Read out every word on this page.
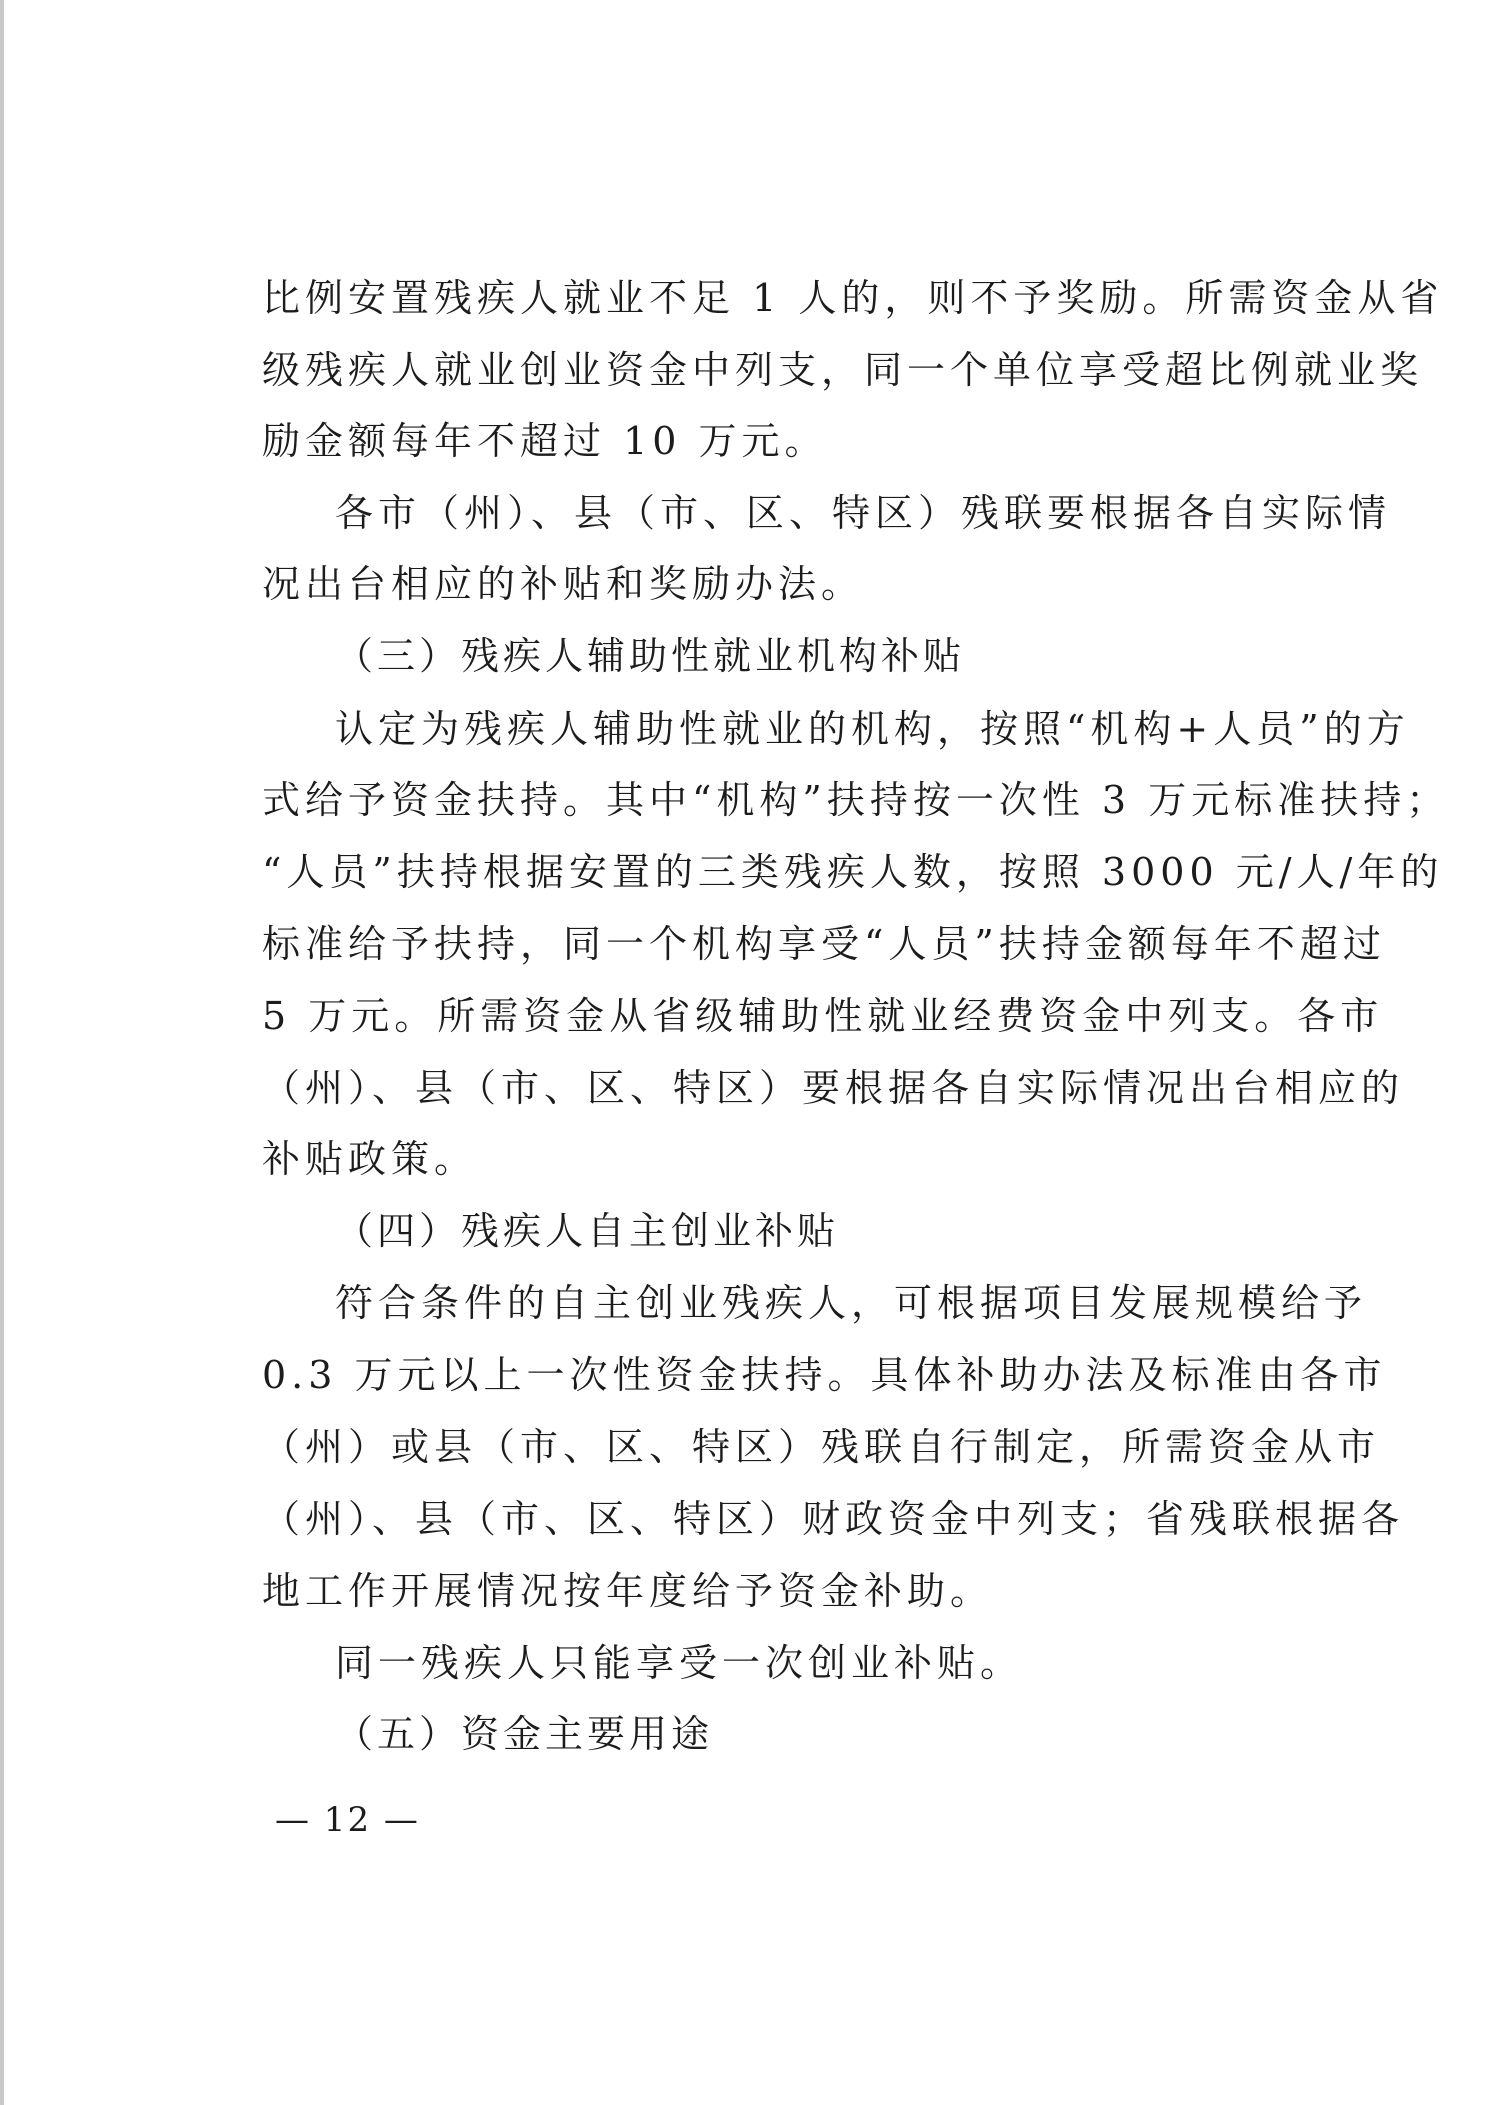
比例安置残疾人就业不足 1 人的，则不予奖励。所需资金从省
级残疾人就业创业资金中列支，同一个单位享受超比例就业奖
励金额每年不超过 10 万元。
各市（州）、县（市、区、特区）残联要根据各自实际情
况出台相应的补贴和奖励办法。
（三）残疾人辅助性就业机构补贴
认定为残疾人辅助性就业的机构，按照“机构+人员”的方
式给予资金扶持。其中“机构”扶持按一次性 3 万元标准扶持；
“人员”扶持根据安置的三类残疾人数，按照 3000 元/人/年的
标准给予扶持，同一个机构享受“人员”扶持金额每年不超过
5 万元。所需资金从省级辅助性就业经费资金中列支。各市
（州）、县（市、区、特区）要根据各自实际情况出台相应的
补贴政策。
（四）残疾人自主创业补贴
符合条件的自主创业残疾人，可根据项目发展规模给予
0.3 万元以上一次性资金扶持。具体补助办法及标准由各市
（州）或县（市、区、特区）残联自行制定，所需资金从市
（州）、县（市、区、特区）财政资金中列支；省残联根据各
地工作开展情况按年度给予资金补助。
同一残疾人只能享受一次创业补贴。
（五）资金主要用途
— 12 —
